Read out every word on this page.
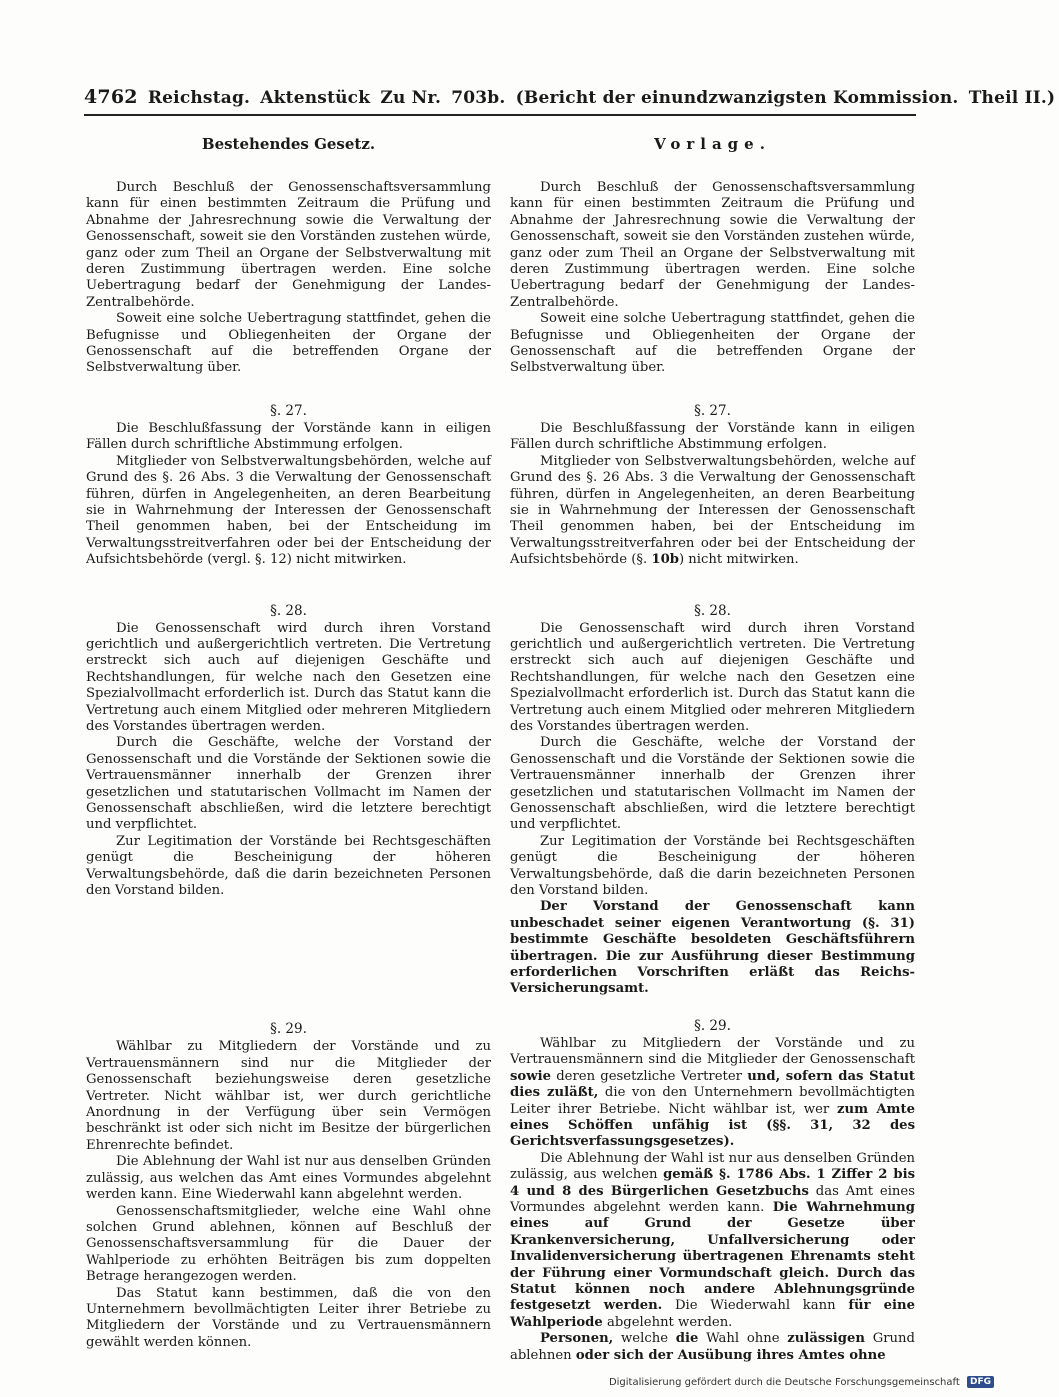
4762 Reichstag. Aktenstück Zu Nr. 703b. (Bericht der einundzwanzigsten Kommission. Theil II.)
Bestehendes Gesetz.

Durch Beschluß der Genossenschaftsversammlung kann für einen bestimmten Zeitraum die Prüfung und Abnahme der Jahresrechnung sowie die Verwaltung der Genossenschaft, soweit sie den Vorständen zustehen würde, ganz oder zum Theil an Organe der Selbstverwaltung mit deren Zustimmung übertragen werden. Eine solche Uebertragung bedarf der Genehmigung der Landes-Zentralbehörde.

Soweit eine solche Uebertragung stattfindet, gehen die Befugnisse und Obliegenheiten der Organe der Genossenschaft auf die betreffenden Organe der Selbstverwaltung über.

§. 27.

Die Beschlußfassung der Vorstände kann in eiligen Fällen durch schriftliche Abstimmung erfolgen.

Mitglieder von Selbstverwaltungsbehörden, welche auf Grund des §. 26 Abs. 3 die Verwaltung der Genossenschaft führen, dürfen in Angelegenheiten, an deren Bearbeitung sie in Wahrnehmung der Interessen der Genossenschaft Theil genommen haben, bei der Entscheidung im Verwaltungsstreitverfahren oder bei der Entscheidung der Aufsichtsbehörde (vergl. §. 12) nicht mitwirken.

§. 28.

Die Genossenschaft wird durch ihren Vorstand gerichtlich und außergerichtlich vertreten. Die Vertretung erstreckt sich auch auf diejenigen Geschäfte und Rechtshandlungen, für welche nach den Gesetzen eine Spezialvollmacht erforderlich ist. Durch das Statut kann die Vertretung auch einem Mitglied oder mehreren Mitgliedern des Vorstandes übertragen werden.

Durch die Geschäfte, welche der Vorstand der Genossenschaft und die Vorstände der Sektionen sowie die Vertrauensmänner innerhalb der Grenzen ihrer gesetzlichen und statutarischen Vollmacht im Namen der Genossenschaft abschließen, wird die letztere berechtigt und verpflichtet.

Zur Legitimation der Vorstände bei Rechtsgeschäften genügt die Bescheinigung der höheren Verwaltungsbehörde, daß die darin bezeichneten Personen den Vorstand bilden.

§. 29.

Wählbar zu Mitgliedern der Vorstände und zu Vertrauensmännern sind nur die Mitglieder der Genossenschaft beziehungsweise deren gesetzliche Vertreter. Nicht wählbar ist, wer durch gerichtliche Anordnung in der Verfügung über sein Vermögen beschränkt ist oder sich nicht im Besitze der bürgerlichen Ehrenrechte befindet.

Die Ablehnung der Wahl ist nur aus denselben Gründen zulässig, aus welchen das Amt eines Vormundes abgelehnt werden kann. Eine Wiederwahl kann abgelehnt werden.

Genossenschaftsmitglieder, welche eine Wahl ohne solchen Grund ablehnen, können auf Beschluß der Genossenschaftsversammlung für die Dauer der Wahlperiode zu erhöhten Beiträgen bis zum doppelten Betrage herangezogen werden.

Das Statut kann bestimmen, daß die von den Unternehmern bevollmächtigten Leiter ihrer Betriebe zu Mitgliedern der Vorstände und zu Vertrauensmännern gewählt werden können.

Vorlage.

Durch Beschluß der Genossenschaftsversammlung kann für einen bestimmten Zeitraum die Prüfung und Abnahme der Jahresrechnung sowie die Verwaltung der Genossenschaft, soweit sie den Vorständen zustehen würde, ganz oder zum Theil an Organe der Selbstverwaltung mit deren Zustimmung übertragen werden. Eine solche Uebertragung bedarf der Genehmigung der Landes-Zentralbehörde.

Soweit eine solche Uebertragung stattfindet, gehen die Befugnisse und Obliegenheiten der Organe der Genossenschaft auf die betreffenden Organe der Selbstverwaltung über.

§. 27.

Die Beschlußfassung der Vorstände kann in eiligen Fällen durch schriftliche Abstimmung erfolgen.

Mitglieder von Selbstverwaltungsbehörden, welche auf Grund des §. 26 Abs. 3 die Verwaltung der Genossenschaft führen, dürfen in Angelegenheiten, an deren Bearbeitung sie in Wahrnehmung der Interessen der Genossenschaft Theil genommen haben, bei der Entscheidung im Verwaltungsstreitverfahren oder bei der Entscheidung der Aufsichtsbehörde (§. 10b) nicht mitwirken.

§. 28.

Die Genossenschaft wird durch ihren Vorstand gerichtlich und außergerichtlich vertreten. Die Vertretung erstreckt sich auch auf diejenigen Geschäfte und Rechtshandlungen, für welche nach den Gesetzen eine Spezialvollmacht erforderlich ist. Durch das Statut kann die Vertretung auch einem Mitglied oder mehreren Mitgliedern des Vorstandes übertragen werden.

Durch die Geschäfte, welche der Vorstand der Genossenschaft und die Vorstände der Sektionen sowie die Vertrauensmänner innerhalb der Grenzen ihrer gesetzlichen und statutarischen Vollmacht im Namen der Genossenschaft abschließen, wird die letztere berechtigt und verpflichtet.

Zur Legitimation der Vorstände bei Rechtsgeschäften genügt die Bescheinigung der höheren Verwaltungsbehörde, daß die darin bezeichneten Personen den Vorstand bilden.

Der Vorstand der Genossenschaft kann unbeschadet seiner eigenen Verantwortung (§. 31) bestimmte Geschäfte besoldeten Geschäftsführern übertragen. Die zur Ausführung dieser Bestimmung erforderlichen Vorschriften erläßt das Reichs-Versicherungsamt.

§. 29.

Wählbar zu Mitgliedern der Vorstände und zu Vertrauensmännern sind die Mitglieder der Genossenschaft sowie deren gesetzliche Vertreter und, sofern das Statut dies zuläßt, die von den Unternehmern bevollmächtigten Leiter ihrer Betriebe. Nicht wählbar ist, wer zum Amte eines Schöffen unfähig ist (§§. 31, 32 des Gerichtsverfassungsgesetzes).

Die Ablehnung der Wahl ist nur aus denselben Gründen zulässig, aus welchen gemäß §. 1786 Abs. 1 Ziffer 2 bis 4 und 8 des Bürgerlichen Gesetzbuchs das Amt eines Vormundes abgelehnt werden kann. Die Wahrnehmung eines auf Grund der Gesetze über Krankenversicherung, Unfallversicherung oder Invalidenversicherung übertragenen Ehrenamts steht der Führung einer Vormundschaft gleich. Durch das Statut können noch andere Ablehnungsgründe festgesetzt werden. Die Wiederwahl kann für eine Wahlperiode abgelehnt werden.

Personen, welche die Wahl ohne zulässigen Grund ablehnen oder sich der Ausübung ihres Amtes ohne

Digitalisierung gefördert durch die Deutsche Forschungsgemeinschaft DFG
